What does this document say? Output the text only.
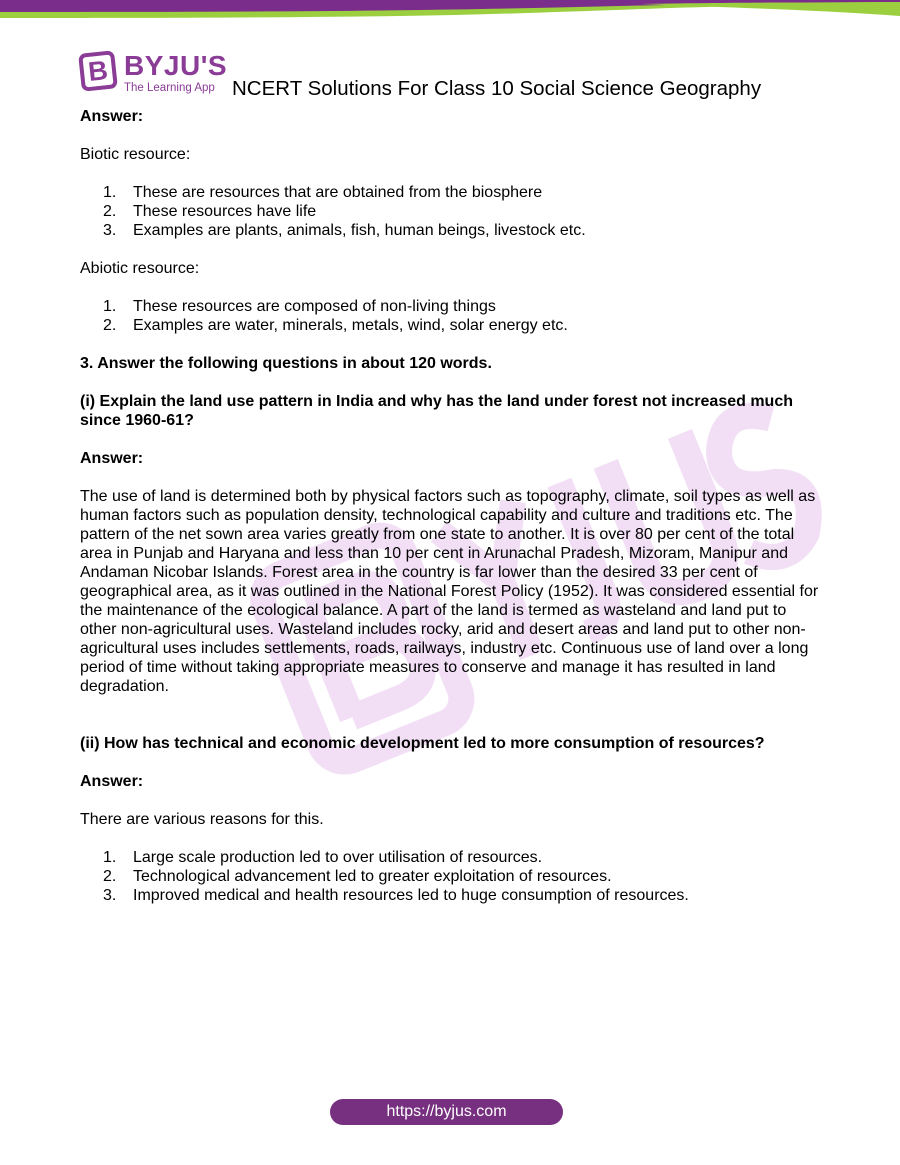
B BYJU'S
The Learning App NCERT Solutions For Class 10 Social Science Geography

Answer:

Biotic resource:

1. These are resources that are obtained from the biosphere
2. These resources have life
3. Examples are plants, animals, fish, human beings, livestock etc.

Abiotic resource:

1. These resources are composed of non-living things
2. Examples are water, minerals, metals, wind, solar energy etc.

3. Answer the following questions in about 120 words.

(i) Explain the land use pattern in India and why has the land under forest not increased much since 1960-61?

Answer:

The use of land is determined both by physical factors such as topography, climate, soil types as well as human factors such as population density, technological capability and culture and traditions etc. The pattern of the net sown area varies greatly from one state to another. It is over 80 per cent of the total area in Punjab and Haryana and less than 10 per cent in Arunachal Pradesh, Mizoram, Manipur and Andaman Nicobar Islands. Forest area in the country is far lower than the desired 33 per cent of geographical area, as it was outlined in the National Forest Policy (1952). It was considered essential for the maintenance of the ecological balance. A part of the land is termed as wasteland and land put to other non-agricultural uses. Wasteland includes rocky, arid and desert areas and land put to other non-agricultural uses includes settlements, roads, railways, industry etc. Continuous use of land over a long period of time without taking appropriate measures to conserve and manage it has resulted in land degradation.

(ii) How has technical and economic development led to more consumption of resources?

Answer:

There are various reasons for this.

1. Large scale production led to over utilisation of resources.
2. Technological advancement led to greater exploitation of resources.
3. Improved medical and health resources led to huge consumption of resources.
https://byjus.com
